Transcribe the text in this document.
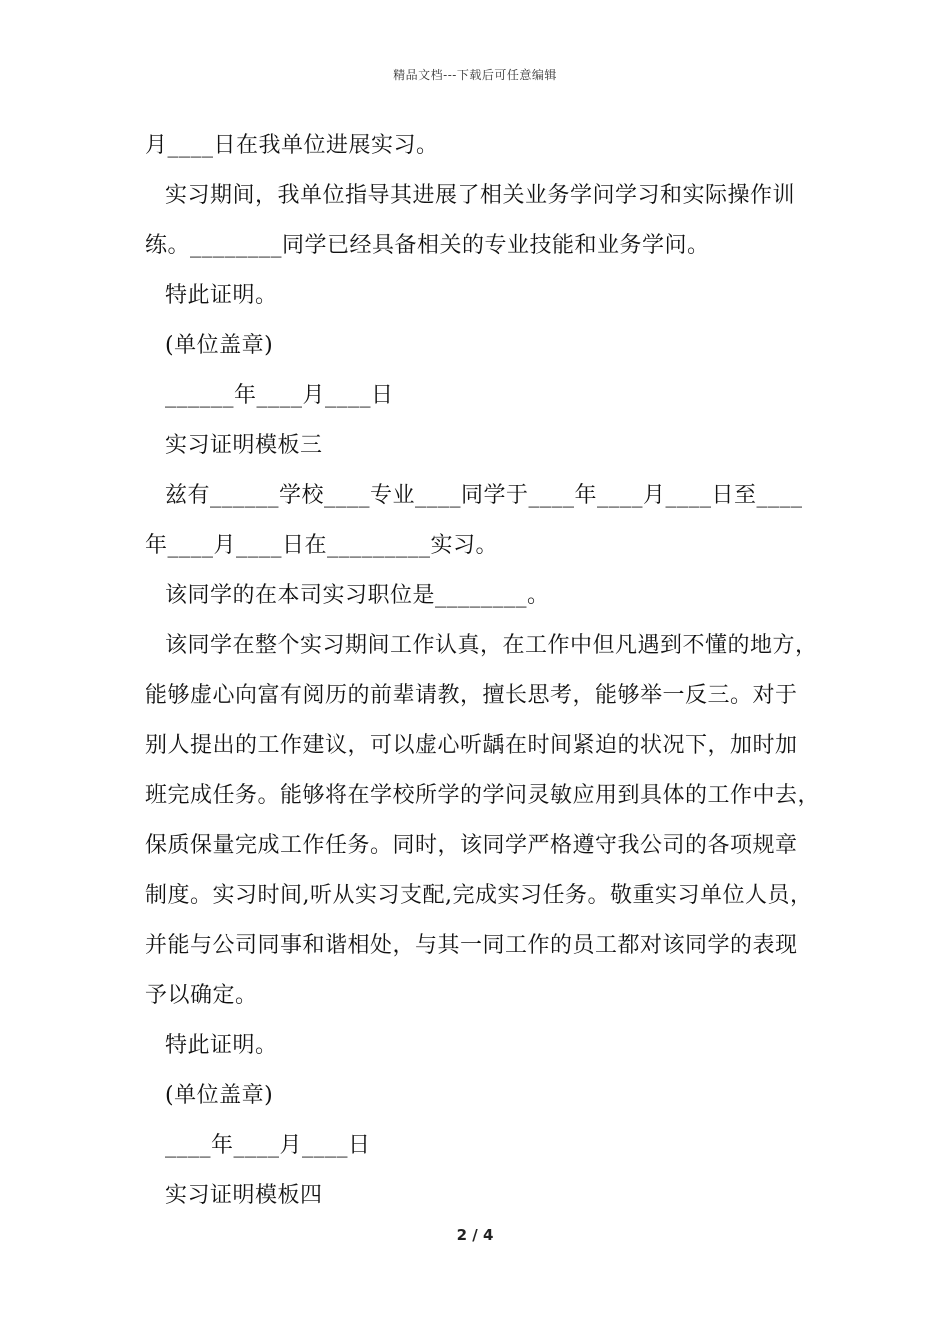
精品文档---下载后可任意编辑
月____日在我单位进展实习。
实习期间，我单位指导其进展了相关业务学问学习和实际操作训
练。________同学已经具备相关的专业技能和业务学问。
特此证明。
(单位盖章)
______年____月____日
实习证明模板三
兹有______学校____专业____同学于____年____月____日至____
年____月____日在_________实习。
该同学的在本司实习职位是________。
该同学在整个实习期间工作认真，在工作中但凡遇到不懂的地方，
能够虚心向富有阅历的前辈请教，擅长思考，能够举一反三。对于
别人提出的工作建议，可以虚心听龋在时间紧迫的状况下，加时加
班完成任务。能够将在学校所学的学问灵敏应用到具体的工作中去，
保质保量完成工作任务。同时，该同学严格遵守我公司的各项规章
制度。实习时间,听从实习支配,完成实习任务。敬重实习单位人员，
并能与公司同事和谐相处，与其一同工作的员工都对该同学的表现
予以确定。
特此证明。
(单位盖章)
____年____月____日
实习证明模板四
2 / 4
